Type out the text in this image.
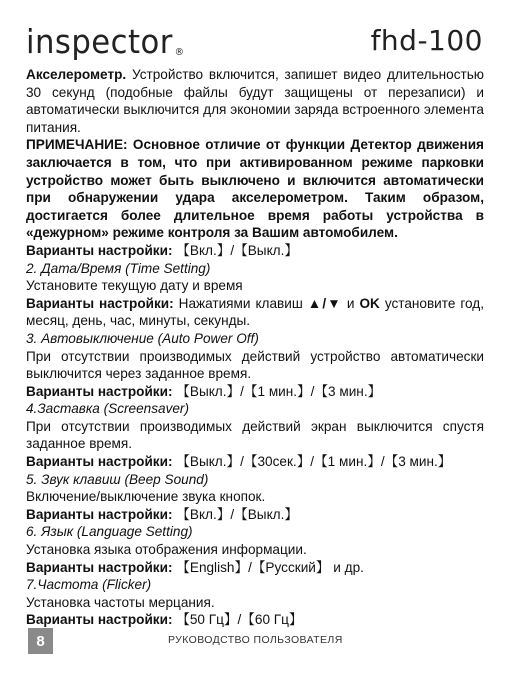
inspector ®	fhd-100

Акселерометр. Устройство включится, запишет видео длительностью 30 секунд (подобные файлы будут защищены от перезаписи) и автоматически выключится для экономии заряда встроенного элемента питания.

ПРИМЕЧАНИЕ: Основное отличие от функции Детектор движения заключается в том, что при активированном режиме парковки устройство может быть выключено и включится автоматически при обнаружении удара акселерометром. Таким образом, достигается более длительное время работы устройства в «дежурном» режиме контроля за Вашим автомобилем.

Варианты настройки: 【Вкл.】/【Выкл.】

2. Дата/Время (Time Setting)

Установите текущую дату и время

Варианты настройки: Нажатиями клавиш ▲/▼ и OK установите год, месяц, день, час, минуты, секунды.

3. Автовыключение (Auto Power Off)

При отсутствии производимых действий устройство автоматически выключится через заданное время.

Варианты настройки: 【Выкл.】/【1 мин.】/【3 мин.】

4.Заставка (Screensaver)

При отсутствии производимых действий экран выключится спустя заданное время.

Варианты настройки: 【Выкл.】/【30сек.】/【1 мин.】/【3 мин.】

5. Звук клавиш (Beep Sound)

Включение/выключение звука кнопок.

Варианты настройки: 【Вкл.】/【Выкл.】

6. Язык (Language Setting)

Установка языка отображения информации.

Варианты настройки: 【English】/【Русский】 и др.

7.Частота (Flicker)

Установка частоты мерцания.

Варианты настройки: 【50 Гц】/【60 Гц】

8	РУКОВОДСТВО ПОЛЬЗОВАТЕЛЯ
